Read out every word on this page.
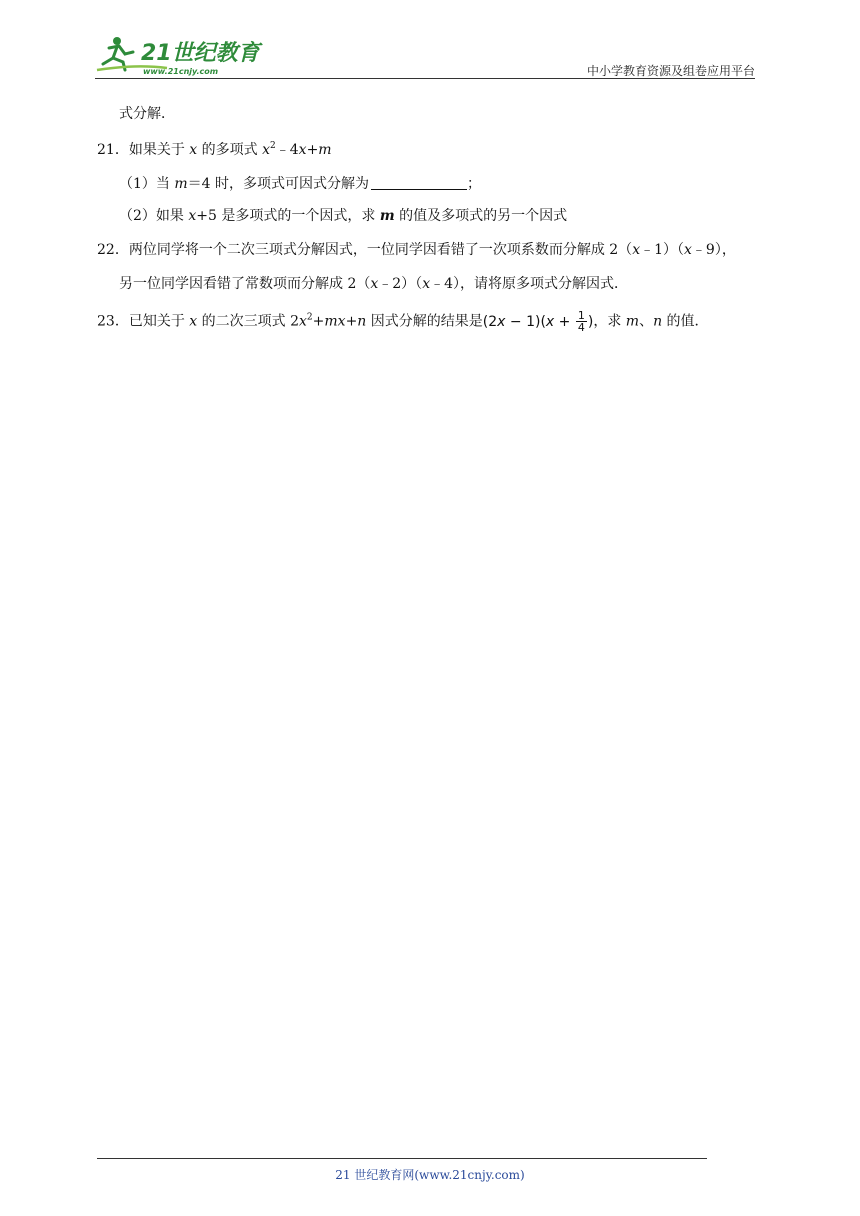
21世纪教育
www.21cnjy.com	中小学教育资源及组卷应用平台
式分解．
21．如果关于 x 的多项式 $x^2﹣4x+m$
（1）当 m＝4 时，多项式可因式分解为	；
（2）如果 x+5 是多项式的一个因式，求 m 的值及多项式的另一个因式
22．两位同学将一个二次三项式分解因式，一位同学因看错了一次项系数而分解成 2（x﹣1）（x﹣9），
另一位同学因看错了常数项而分解成 2（x﹣2）（x﹣4），请将原多项式分解因式．
23．已知关于 x 的二次三项式 $2x^2+mx+n$ 因式分解的结果是$(2x - 1)(x + \frac{1}{4}$ )，求 m、n 的值．
21 世纪教育网(www.21cnjy.com)
